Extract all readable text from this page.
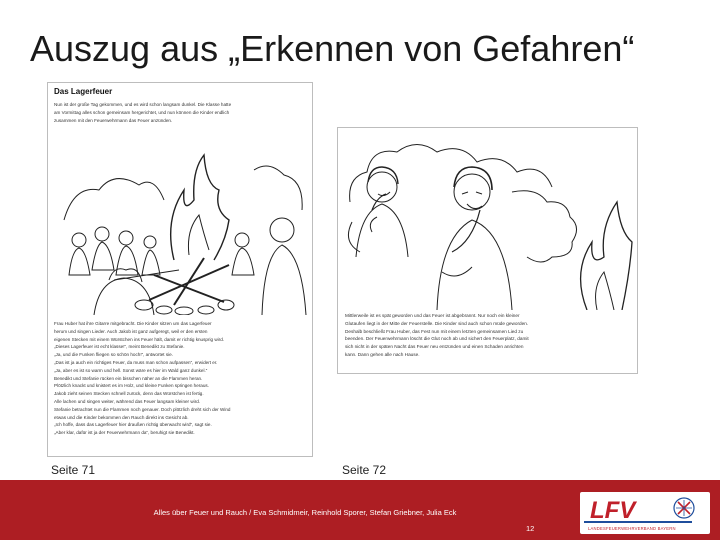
Auszug aus „Erkennen von Gefahren“
Das Lagerfeuer
Nun ist der große Tag gekommen, und es wird schon langsam dunkel. Die Klasse hatte
am Vormittag alles schon gemeinsam hergerichtet, und nun können die Kinder endlich
zusammen mit den Feuerwehrmann das Feuer anzünden.
Frau Huber hat ihre Gitarre mitgebracht. Die Kinder sitzen um das Lagerfeuer
herum und singen Lieder. Auch Jakob ist ganz aufgeregt, weil er den ersten
eigenen Stecken mit einem Würstchen ins Feuer hält, damit er richtig knusprig wird.
„Dieses Lagerfeuer ist echt klasse!“, meint Benedikt zu Stefanie.
„Ja, und die Funken fliegen so schön hoch!“, antwortet sie.
„Das ist ja auch ein richtiges Feuer, da muss man schon aufpassen“, erwidert er.
„Ja, aber es ist so warm und hell. Sonst wäre es hier im Wald ganz dunkel.“
Benedikt und Stefanie rücken ein bisschen näher an die Flammen heran.
Plötzlich knackt und knistert es im Holz, und kleine Funken springen heraus.
Jakob zieht seinen Stecken schnell zurück, denn das Würstchen ist fertig.
Alle lachen und singen weiter, während das Feuer langsam kleiner wird.
Stefanie betrachtet nun die Flammen noch genauer. Doch plötzlich dreht sich der Wind
etwas und die Kinder bekommen den Rauch direkt ins Gesicht ab.
„Ich hoffe, dass das Lagerfeuer hier draußen richtig überwacht wird“, sagt sie.
„Aber klar, dafür ist ja der Feuerwehrmann da“, beruhigt sie Benedikt.
Mittlerweile ist es spät geworden und das Feuer ist abgebrannt. Nur noch ein kleiner
Glutaufen liegt in der Mitte der Feuerstelle. Die Kinder sind auch schon müde geworden.
Deshalb beschließt Frau Huber, das Fest nun mit einem letzten gemeinsamen Lied zu
beenden. Der Feuerwehrmann löscht die Glut noch ab und sichert den Feuerplatz, damit
sich nicht in der späten Nacht das Feuer neu entzünden und einen Schaden anrichten
kann. Dann gehen alle nach Hause.
Seite 71	Seite 72
Alles über Feuer und Rauch / Eva Schmidmeir, Reinhold Sporer, Stefan Griebner, Julia Eck
12
LFV
LANDESFEUERWEHRVERBAND BAYERN
